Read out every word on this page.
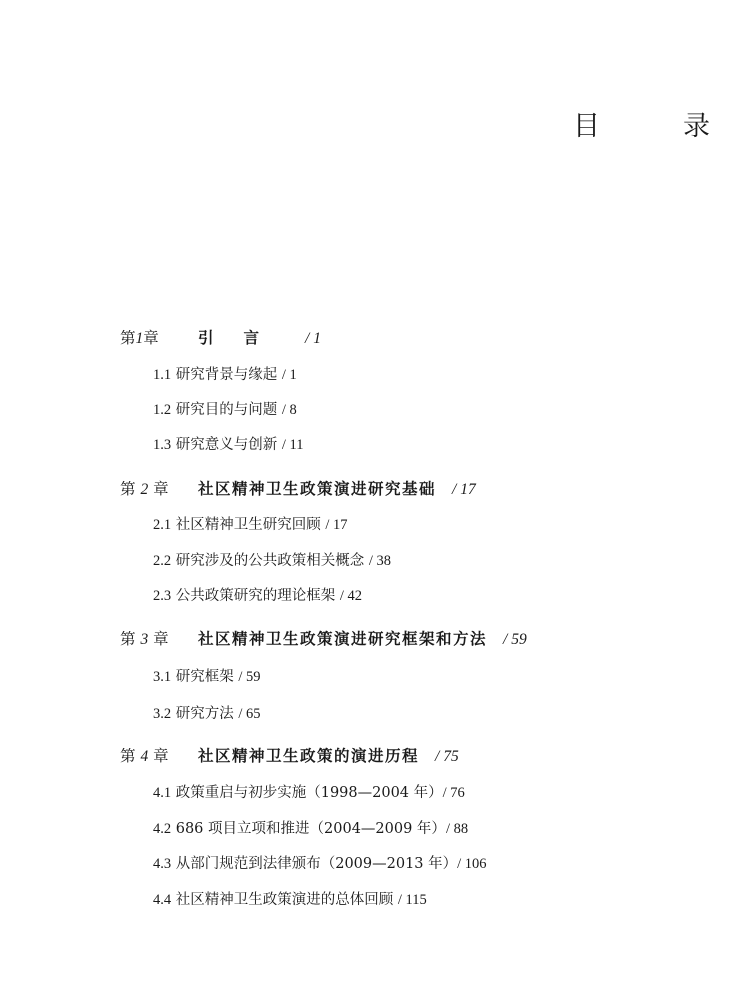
目　录
第1章	引言 / 1
1.1 研究背景与缘起 / 1
1.2 研究目的与问题 / 8
1.3 研究意义与创新 / 11
第 2 章 社区精神卫生政策演进研究基础 / 17
2.1 社区精神卫生研究回顾 / 17
2.2 研究涉及的公共政策相关概念 / 38
2.3 公共政策研究的理论框架 / 42
第 3 章 社区精神卫生政策演进研究框架和方法 / 59
3.1 研究框架 / 59
3.2 研究方法 / 65
第 4 章 社区精神卫生政策的演进历程 / 75
4.1 政策重启与初步实施（1998—2004 年）/ 76
4.2 686 项目立项和推进（2004—2009 年）/ 88
4.3 从部门规范到法律颁布（2009—2013 年）/ 106
4.4 社区精神卫生政策演进的总体回顾 / 115
